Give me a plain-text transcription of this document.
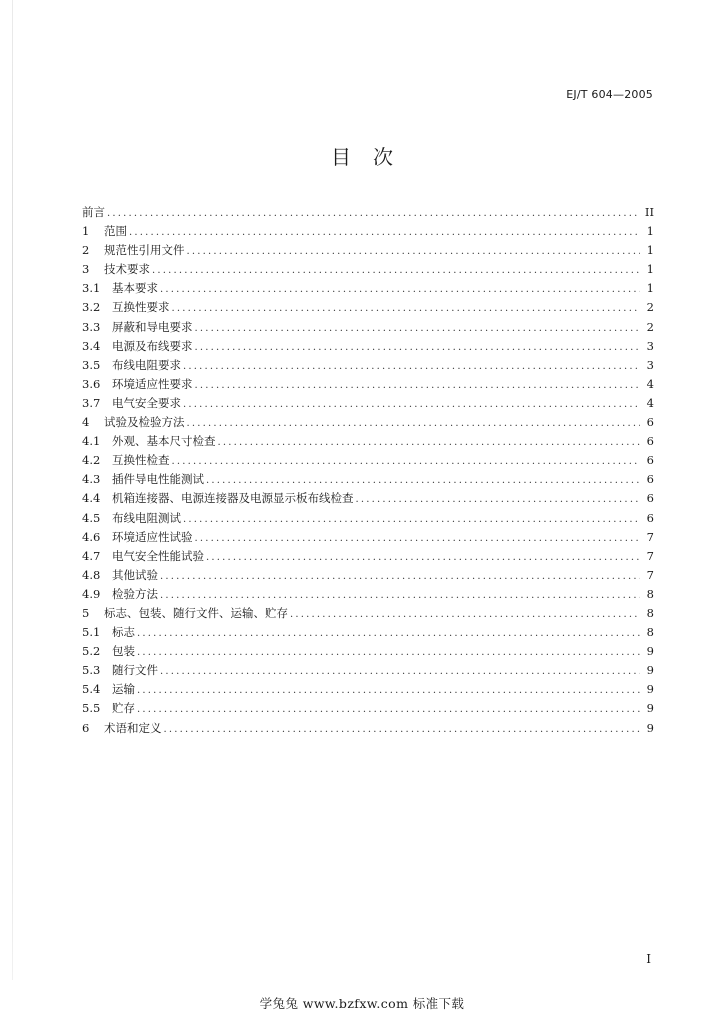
EJ/T 604—2005
目次
前言 .....	II
1	范围 .....	1
2	规范性引用文件 .....	1
3	技术要求 .....	1
3.1	基本要求 .....	1
3.2	互换性要求 .....	2
3.3	屏蔽和导电要求 .....	2
3.4	电源及布线要求 .....	3
3.5	布线电阻要求 .....	3
3.6	环境适应性要求 .....	4
3.7	电气安全要求 .....	4
4	试验及检验方法 .....	6
4.1	外观、基本尺寸检查 .....	6
4.2	互换性检查 .....	6
4.3	插件导电性能测试 .....	6
4.4	机箱连接器、电源连接器及电源显示板布线检查 .....	6
4.5	布线电阻测试 .....	6
4.6	环境适应性试验 .....	7
4.7	电气安全性能试验 .....	7
4.8	其他试验 .....	7
4.9	检验方法 .....	8
5	标志、包装、随行文件、运输、贮存 .....	8
5.1	标志 .....	8
5.2	包装 .....	9
5.3	随行文件 .....	9
5.4	运输 .....	9
5.5	贮存 .....	9
6	术语和定义 .....	9
I
学兔兔 www.bzfxw.com 标准下载
